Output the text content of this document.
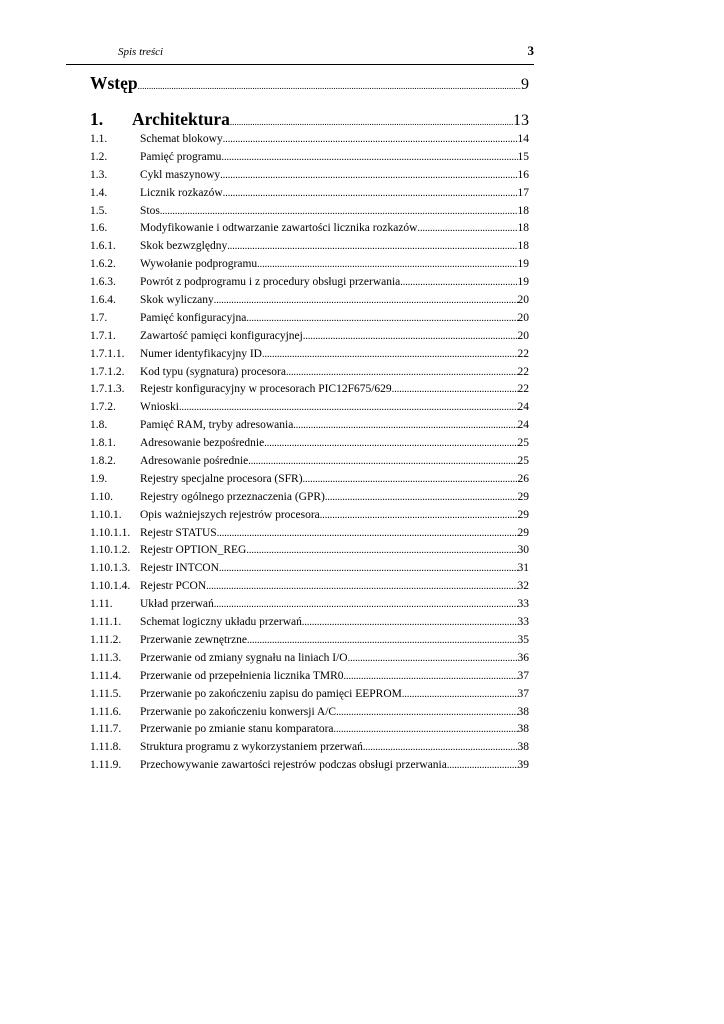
Spis treści	3
Wstęp .....	9
1.	Architektura .....	13
1.1.	Schemat blokowy .....	14
1.2.	Pamięć programu .....	15
1.3.	Cykl maszynowy .....	16
1.4.	Licznik rozkazów .....	17
1.5.	Stos .....	18
1.6.	Modyfikowanie i odtwarzanie zawartości licznika rozkazów .....	18
1.6.1.	Skok bezwzględny .....	18
1.6.2.	Wywołanie podprogramu .....	19
1.6.3.	Powrót z podprogramu i z procedury obsługi przerwania .....	19
1.6.4.	Skok wyliczany .....	20
1.7.	Pamięć konfiguracyjna .....	20
1.7.1.	Zawartość pamięci konfiguracyjnej .....	20
1.7.1.1.	Numer identyfikacyjny ID .....	22
1.7.1.2.	Kod typu (sygnatura) procesora .....	22
1.7.1.3.	Rejestr konfiguracyjny w procesorach PIC12F675/629 .....	22
1.7.2.	Wnioski .....	24
1.8.	Pamięć RAM, tryby adresowania .....	24
1.8.1.	Adresowanie bezpośrednie .....	25
1.8.2.	Adresowanie pośrednie .....	25
1.9.	Rejestry specjalne procesora (SFR) .....	26
1.10.	Rejestry ogólnego przeznaczenia (GPR) .....	29
1.10.1.	Opis ważniejszych rejestrów procesora .....	29
1.10.1.1. Rejestr STATUS .....	29
1.10.1.2. Rejestr OPTION_REG .....	30
1.10.1.3. Rejestr INTCON .....	31
1.10.1.4. Rejestr PCON .....	32
1.11.	Układ przerwań .....	33
1.11.1.	Schemat logiczny układu przerwań .....	33
1.11.2.	Przerwanie zewnętrzne .....	35
1.11.3.	Przerwanie od zmiany sygnału na liniach I/O .....	36
1.11.4.	Przerwanie od przepełnienia licznika TMR0 .....	37
1.11.5.	Przerwanie po zakończeniu zapisu do pamięci EEPROM .....	37
1.11.6.	Przerwanie po zakończeniu konwersji A/C .....	38
1.11.7.	Przerwanie po zmianie stanu komparatora .....	38
1.11.8.	Struktura programu z wykorzystaniem przerwań .....	38
1.11.9.	Przechowywanie zawartości rejestrów podczas obsługi przerwania .....	39
